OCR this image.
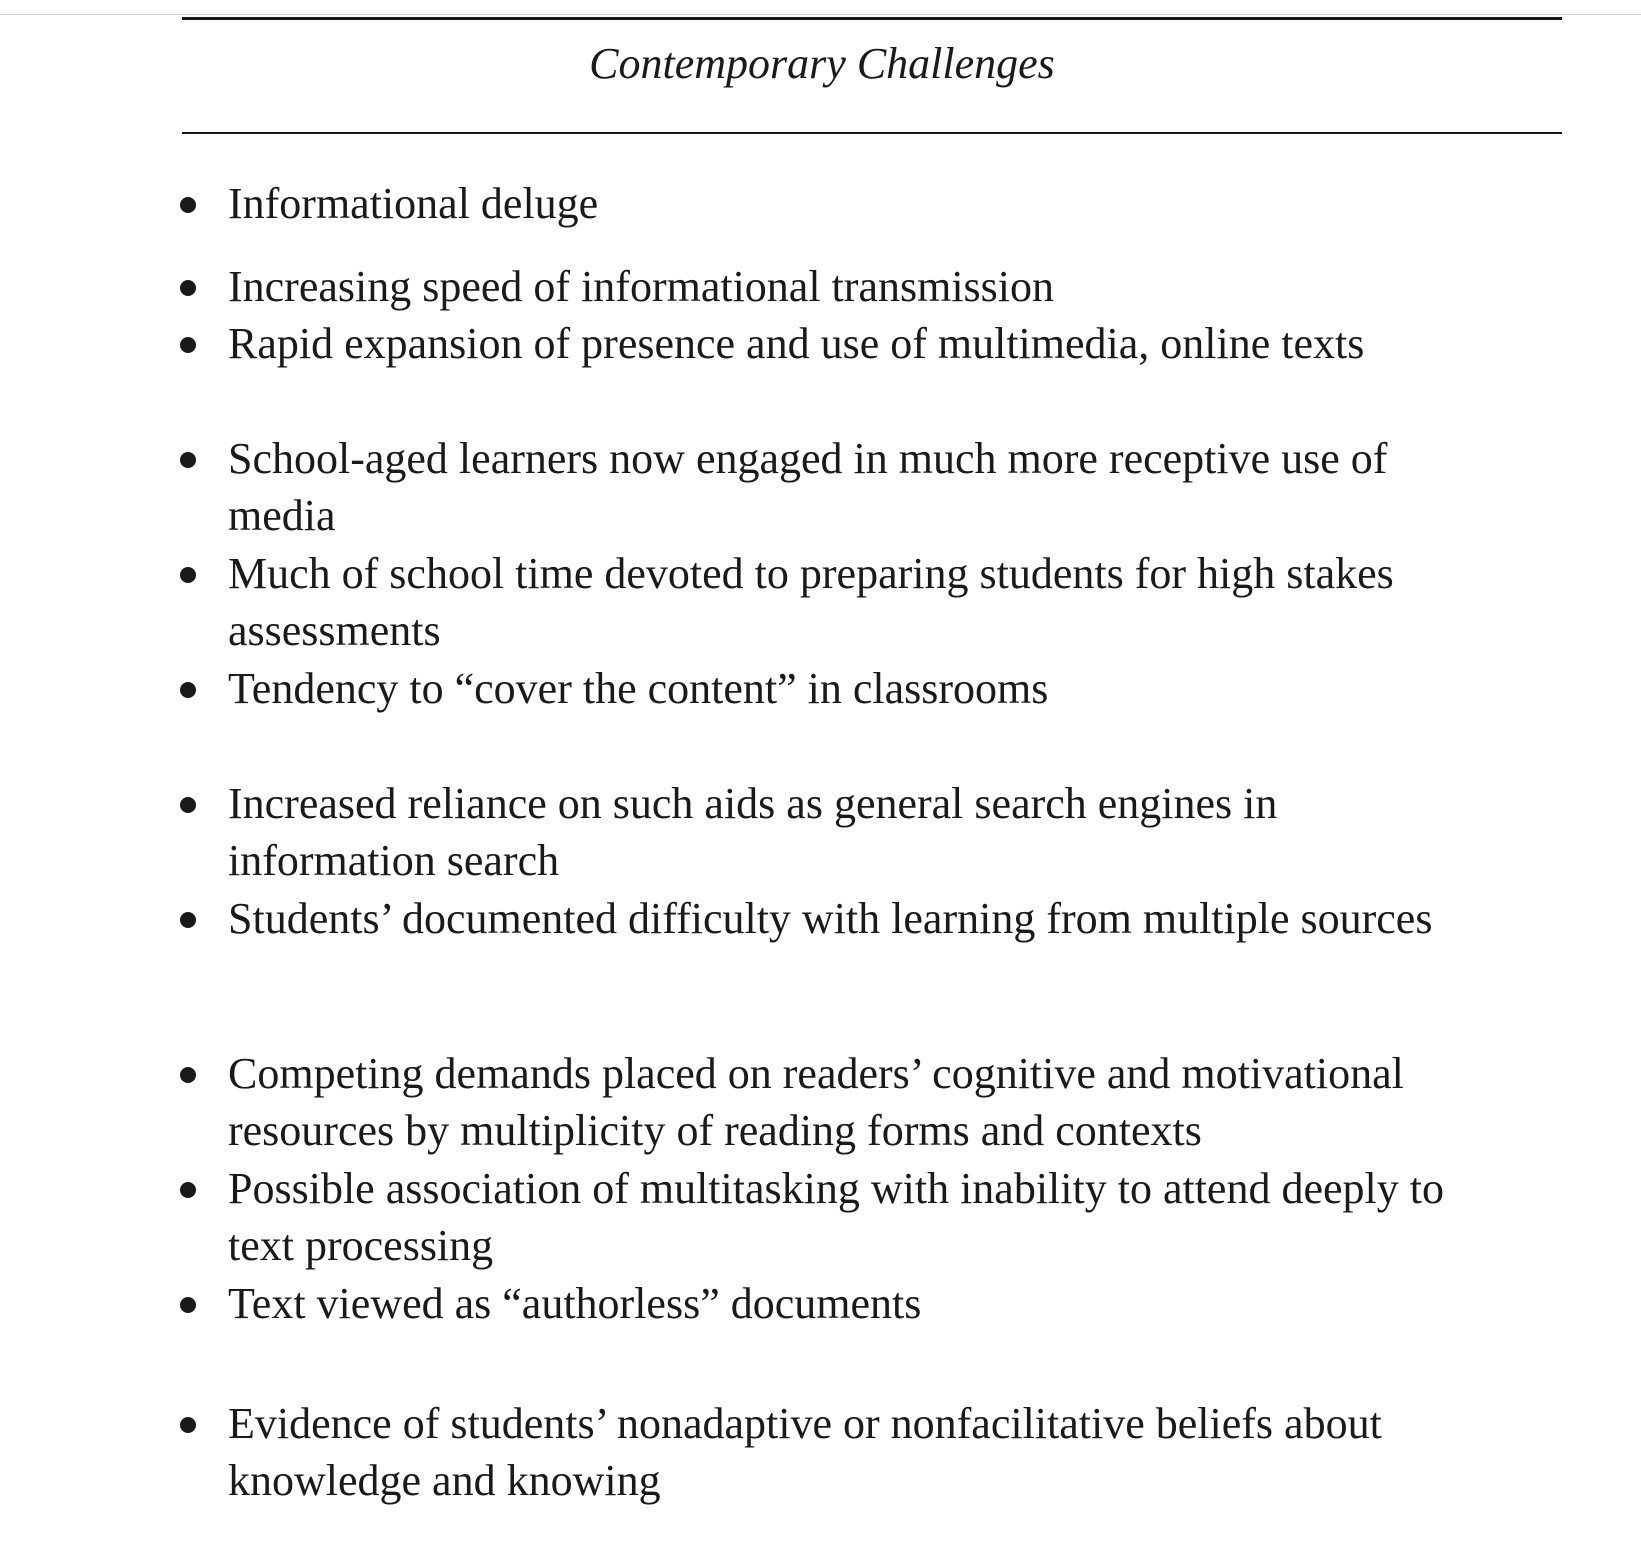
Contemporary Challenges
Informational deluge
Increasing speed of informational transmission
Rapid expansion of presence and use of multimedia, online texts
School-aged learners now engaged in much more receptive use of media
Much of school time devoted to preparing students for high stakes assessments
Tendency to “cover the content” in classrooms
Increased reliance on such aids as general search engines in information search
Students’ documented difficulty with learning from multiple sources
Competing demands placed on readers’ cognitive and motivational resources by multiplicity of reading forms and contexts
Possible association of multitasking with inability to attend deeply to text processing
Text viewed as “authorless” documents
Evidence of students’ nonadaptive or nonfacilitative beliefs about knowledge and knowing
